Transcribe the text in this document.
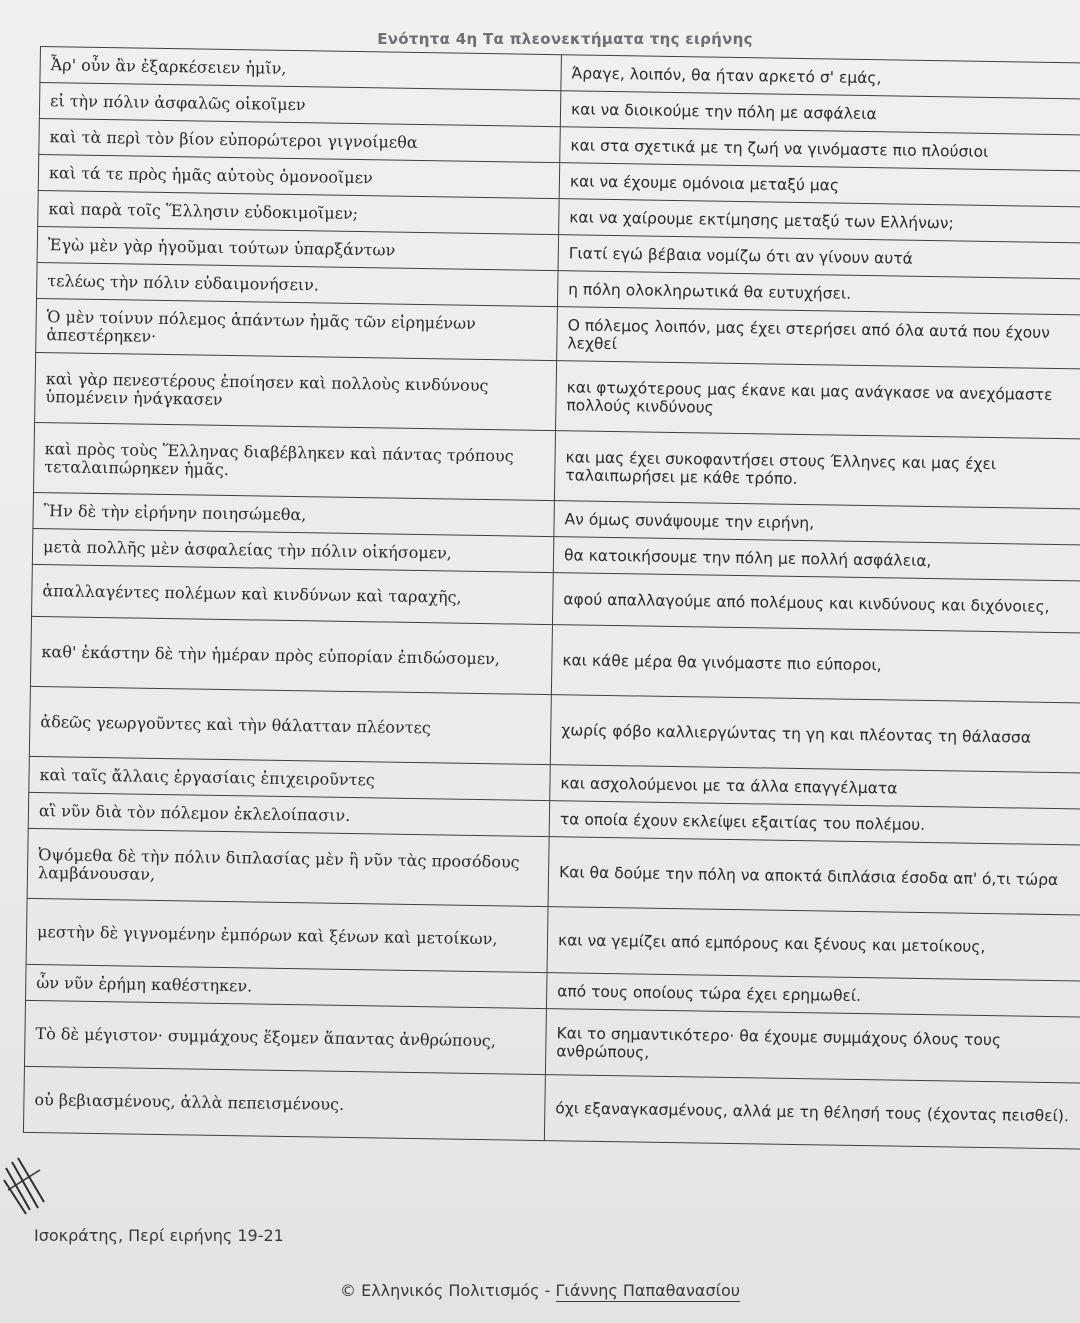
Ενότητα 4η Τα πλεονεκτήματα της ειρήνης
Ἆρ' οὖν ἂν ἐξαρκέσειεν ἡμῖν,	Άραγε, λοιπόν, θα ήταν αρκετό σ' εμάς,
εἰ τὴν πόλιν ἀσφαλῶς οἰκοῖμεν	και να διοικούμε την πόλη με ασφάλεια
καὶ τὰ περὶ τὸν βίον εὐπορώτεροι γιγνοίμεθα	και στα σχετικά με τη ζωή να γινόμαστε πιο πλούσιοι
καὶ τά τε πρὸς ἡμᾶς αὐτοὺς ὁμονοοῖμεν	και να έχουμε ομόνοια μεταξύ μας
καὶ παρὰ τοῖς Ἕλλησιν εὐδοκιμοῖμεν;	και να χαίρουμε εκτίμησης μεταξύ των Ελλήνων;
Ἐγὼ μὲν γὰρ ἡγοῦμαι τούτων ὑπαρξάντων	Γιατί εγώ βέβαια νομίζω ότι αν γίνουν αυτά
τελέως τὴν πόλιν εὐδαιμονήσειν.	η πόλη ολοκληρωτικά θα ευτυχήσει.
Ὁ μὲν τοίνυν πόλεμος ἁπάντων ἡμᾶς τῶν εἰρημένων ἀπεστέρηκεν·	Ο πόλεμος λοιπόν, μας έχει στερήσει από όλα αυτά που έχουν λεχθεί
καὶ γὰρ πενεστέρους ἐποίησεν καὶ πολλοὺς κινδύνους ὑπομένειν ἠνάγκασεν	και φτωχότερους μας έκανε και μας ανάγκασε να ανεχόμαστε πολλούς κινδύνους
καὶ πρὸς τοὺς Ἕλληνας διαβέβληκεν καὶ πάντας τρόπους τεταλαιπώρηκεν ἡμᾶς.	και μας έχει συκοφαντήσει στους Έλληνες και μας έχει ταλαιπωρήσει με κάθε τρόπο.
Ἢν δὲ τὴν εἰρήνην ποιησώμεθα,	Αν όμως συνάψουμε την ειρήνη,
μετὰ πολλῆς μὲν ἀσφαλείας τὴν πόλιν οἰκήσομεν,	θα κατοικήσουμε την πόλη με πολλή ασφάλεια,
ἀπαλλαγέντες πολέμων καὶ κινδύνων καὶ ταραχῆς,	αφού απαλλαγούμε από πολέμους και κινδύνους και διχόνοιες,
καθ' ἑκάστην δὲ τὴν ἡμέραν πρὸς εὐπορίαν ἐπιδώσομεν,	και κάθε μέρα θα γινόμαστε πιο εύποροι,
ἀδεῶς γεωργοῦντες καὶ τὴν θάλατταν πλέοντες	χωρίς φόβο καλλιεργώντας τη γη και πλέοντας τη θάλασσα
καὶ ταῖς ἄλλαις ἐργασίαις ἐπιχειροῦντες	και ασχολούμενοι με τα άλλα επαγγέλματα
αἳ νῦν διὰ τὸν πόλεμον ἐκλελοίπασιν.	τα οποία έχουν εκλείψει εξαιτίας του πολέμου.
Ὀψόμεθα δὲ τὴν πόλιν διπλασίας μὲν ἢ νῦν τὰς προσόδους λαμβάνουσαν,	Και θα δούμε την πόλη να αποκτά διπλάσια έσοδα απ' ό,τι τώρα
μεστὴν δὲ γιγνομένην ἐμπόρων καὶ ξένων καὶ μετοίκων,	και να γεμίζει από εμπόρους και ξένους και μετοίκους,
ὧν νῦν ἐρήμη καθέστηκεν.	από τους οποίους τώρα έχει ερημωθεί.
Τὸ δὲ μέγιστον· συμμάχους ἕξομεν ἅπαντας ἀνθρώπους,	Και το σημαντικότερο· θα έχουμε συμμάχους όλους τους ανθρώπους,
οὐ βεβιασμένους, ἀλλὰ πεπεισμένους.	όχι εξαναγκασμένους, αλλά με τη θέλησή τους (έχοντας πεισθεί).
Ισοκράτης, Περί ειρήνης 19-21
© Ελληνικός Πολιτισμός - Γιάννης Παπαθανασίου
